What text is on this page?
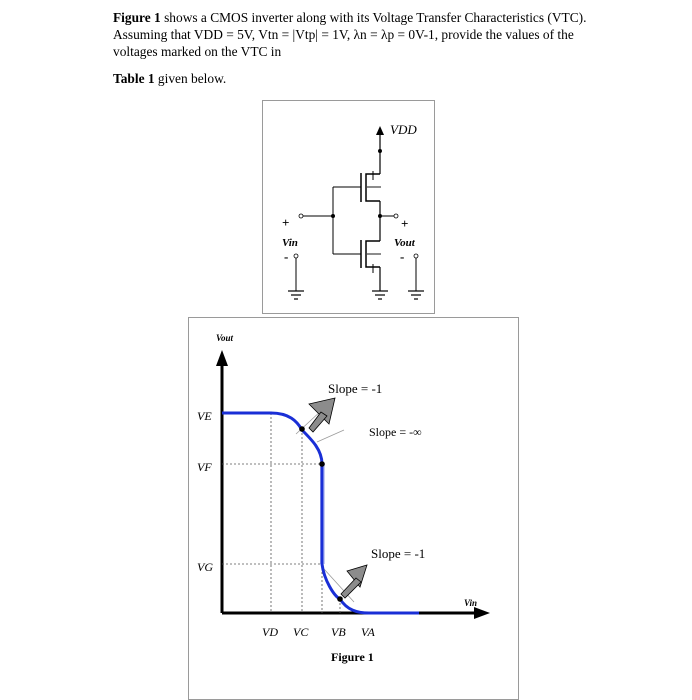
Figure 1 shows a CMOS inverter along with its Voltage Transfer Characteristics (VTC).
Assuming that VDD = 5V, Vtn = |Vtp| = 1V, λn = λp = 0V-1, provide the values of the
voltages marked on the VTC in
Table 1 given below.
VDD
+
Vin
-
+
Vout
-
Vout
Vin
VE
VF
VG
VD VC VB VA
Slope = -1
Slope = -∞
Slope = -1
Figure 1
